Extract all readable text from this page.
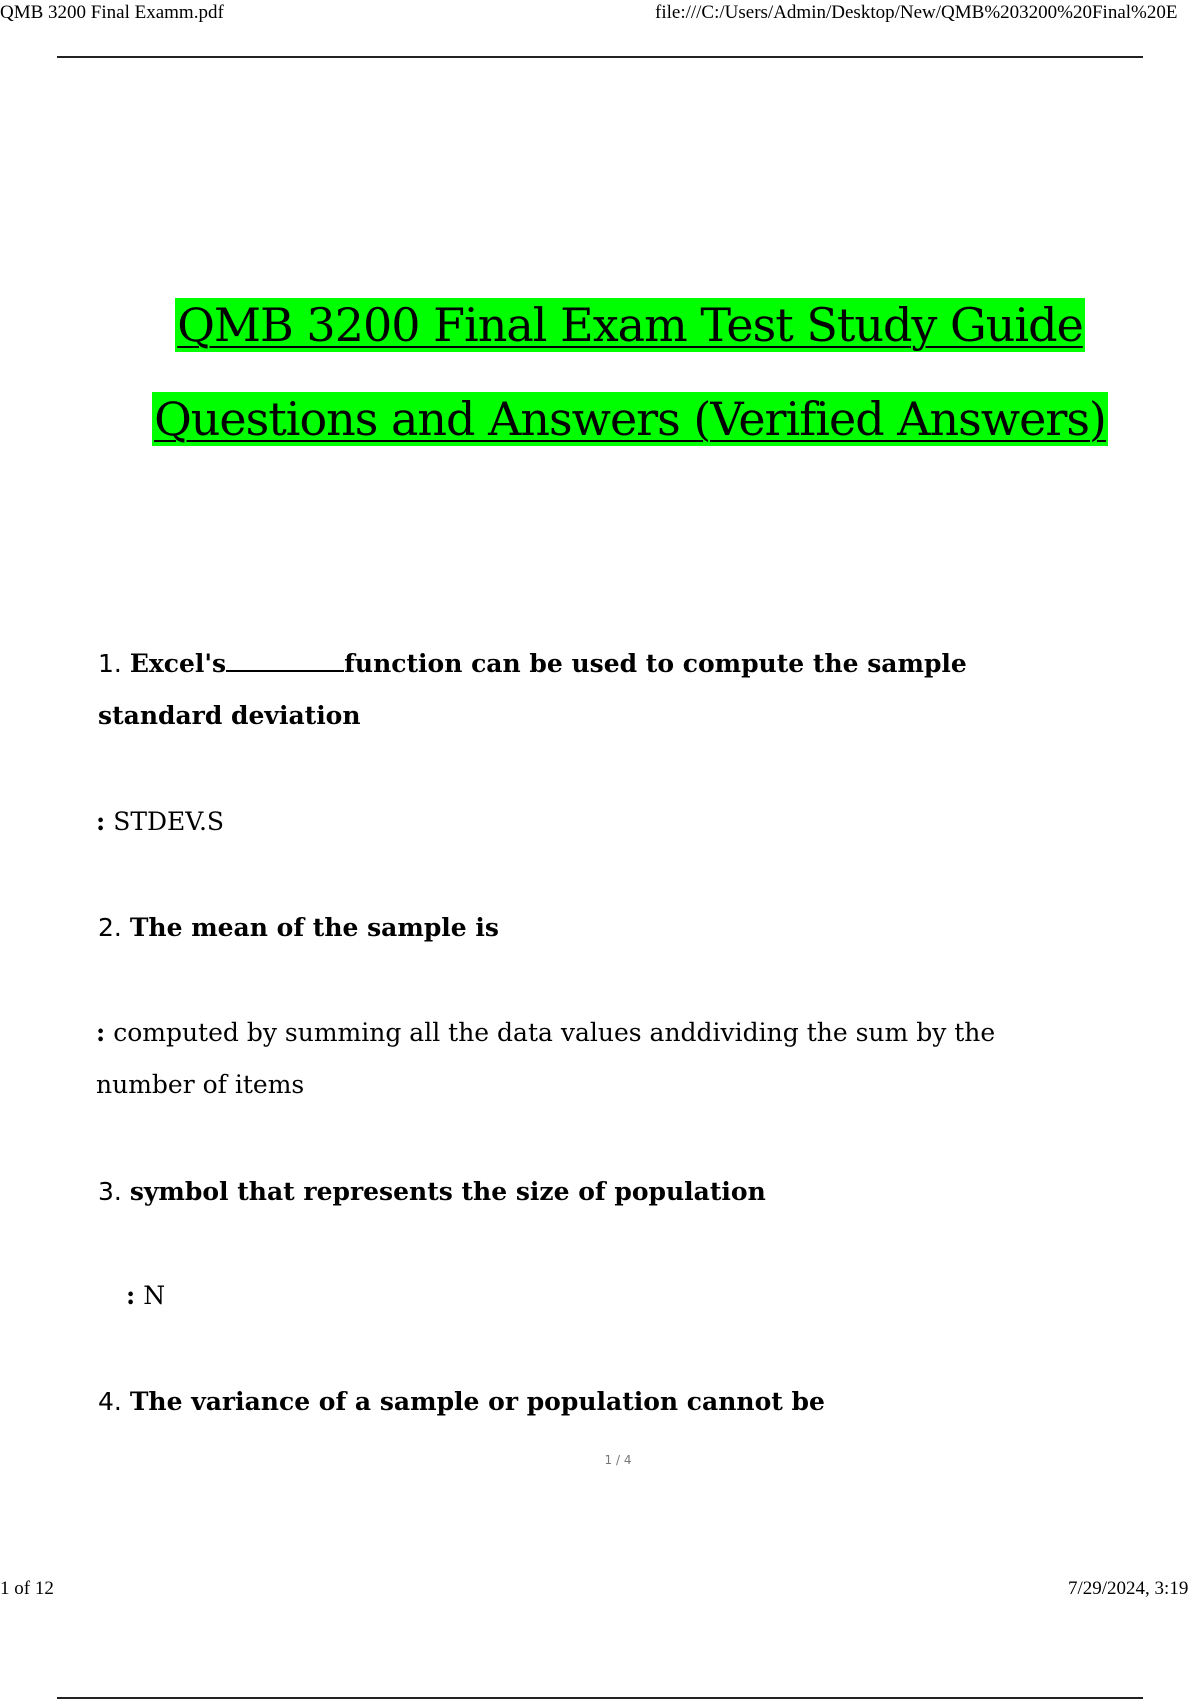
QMB 3200 Final Examm.pdf	file:///C:/Users/Admin/Desktop/New/QMB%203200%20Final%20E
QMB 3200 Final Exam Test Study Guide
Questions and Answers (Verified Answers)
1. Excel's	function can be used to compute the sample standard deviation
: STDEV.S
2. The mean of the sample is
: computed by summing all the data values anddividing the sum by the number of items
3. symbol that represents the size of population
: N
4. The variance of a sample or population cannot be
1 / 4
1 of 12	7/29/2024, 3:19
